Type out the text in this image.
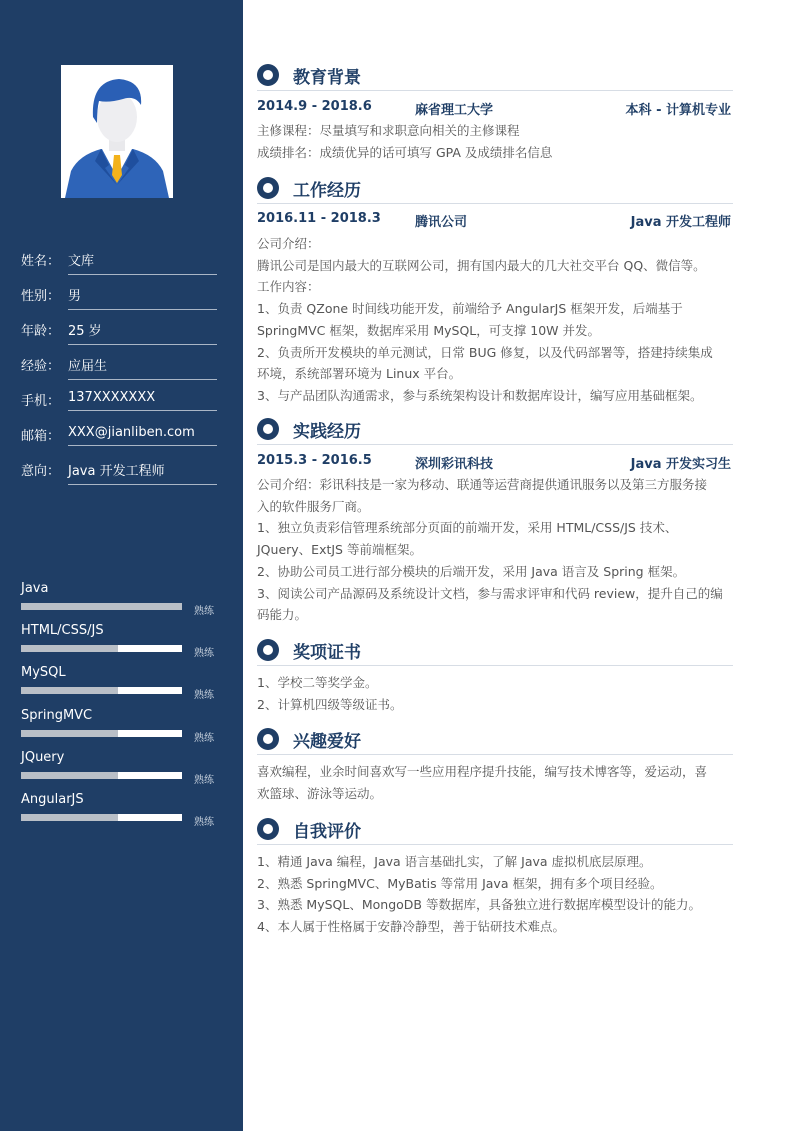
姓名： 文库
性别： 男
年龄： 25 岁
经验： 应届生
手机： 137XXXXXXX
邮箱： XXX@jianliben.com
意向： Java 开发工程师
Java
熟练
HTML/CSS/JS
熟练
MySQL
熟练
SpringMVC
熟练
JQuery
熟练
AngularJS
熟练
教育背景
2014.9 - 2018.6	麻省理工大学	本科 - 计算机专业
主修课程：尽量填写和求职意向相关的主修课程
成绩排名：成绩优异的话可填写 GPA 及成绩排名信息
工作经历
2016.11 - 2018.3	腾讯公司	Java 开发工程师
公司介绍：
腾讯公司是国内最大的互联网公司，拥有国内最大的几大社交平台 QQ、微信等。
工作内容：
1、负责 QZone 时间线功能开发，前端给予 AngularJS 框架开发，后端基于
SpringMVC 框架，数据库采用 MySQL，可支撑 10W 并发。
2、负责所开发模块的单元测试，日常 BUG 修复，以及代码部署等，搭建持续集成
环境，系统部署环境为 Linux 平台。
3、与产品团队沟通需求，参与系统架构设计和数据库设计，编写应用基础框架。
实践经历
2015.3 - 2016.5	深圳彩讯科技	Java 开发实习生
公司介绍：彩讯科技是一家为移动、联通等运营商提供通讯服务以及第三方服务接
入的软件服务厂商。
1、独立负责彩信管理系统部分页面的前端开发，采用 HTML/CSS/JS 技术、
JQuery、ExtJS 等前端框架。
2、协助公司员工进行部分模块的后端开发，采用 Java 语言及 Spring 框架。
3、阅读公司产品源码及系统设计文档，参与需求评审和代码 review，提升自己的编
码能力。
奖项证书
1、学校二等奖学金。
2、计算机四级等级证书。
兴趣爱好
喜欢编程，业余时间喜欢写一些应用程序提升技能，编写技术博客等，爱运动，喜
欢篮球、游泳等运动。
自我评价
1、精通 Java 编程，Java 语言基础扎实，了解 Java 虚拟机底层原理。
2、熟悉 SpringMVC、MyBatis 等常用 Java 框架，拥有多个项目经验。
3、熟悉 MySQL、MongoDB 等数据库，具备独立进行数据库模型设计的能力。
4、本人属于性格属于安静冷静型，善于钻研技术难点。
